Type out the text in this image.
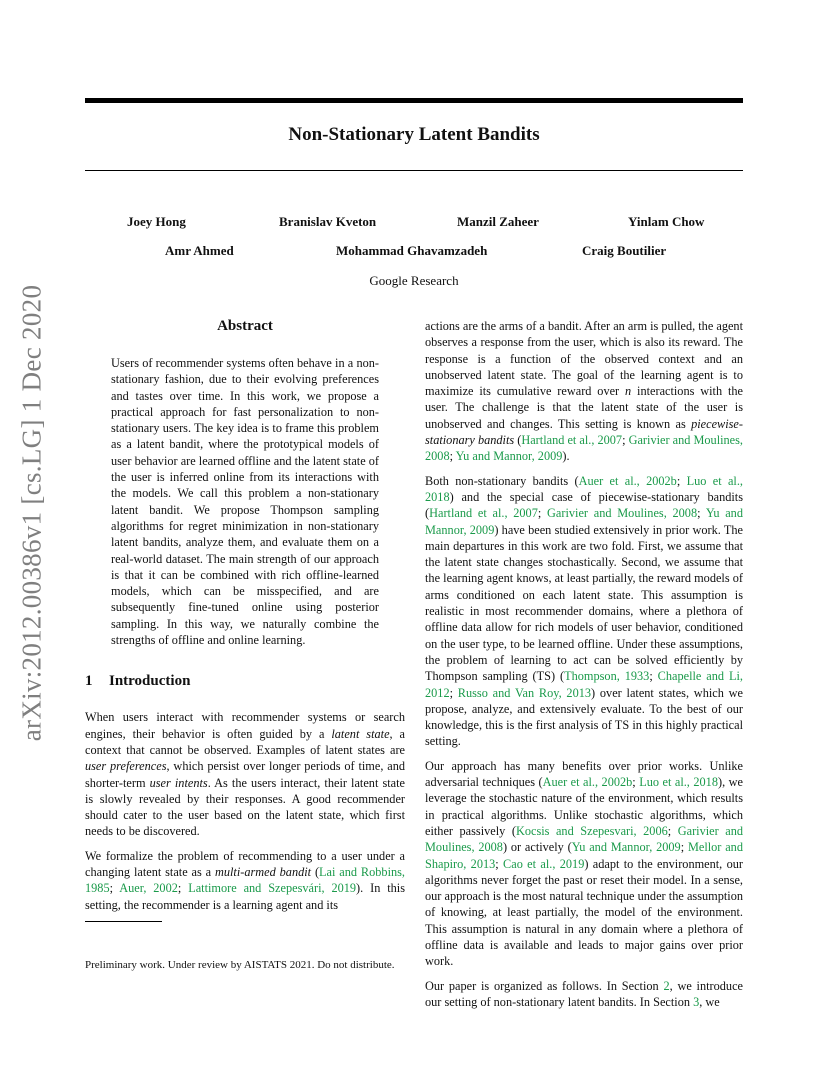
arXiv:2012.00386v1 [cs.LG] 1 Dec 2020
Non-Stationary Latent Bandits
Joey Hong	Branislav Kveton	Manzil Zaheer	Yinlam Chow
Amr Ahmed	Mohammad Ghavamzadeh	Craig Boutilier
Google Research
Abstract

Users of recommender systems often behave in a non-stationary fashion, due to their evolving preferences and tastes over time. In this work, we propose a practical approach for fast personalization to non-stationary users. The key idea is to frame this problem as a latent bandit, where the prototypical models of user behavior are learned offline and the latent state of the user is inferred online from its interactions with the models. We call this problem a non-stationary latent bandit. We propose Thompson sampling algorithms for regret minimization in non-stationary latent bandits, analyze them, and evaluate them on a real-world dataset. The main strength of our approach is that it can be combined with rich offline-learned models, which can be misspecified, and are subsequently fine-tuned online using posterior sampling. In this way, we naturally combine the strengths of offline and online learning.

1 Introduction

When users interact with recommender systems or search engines, their behavior is often guided by a latent state, a context that cannot be observed. Examples of latent states are user preferences, which persist over longer periods of time, and shorter-term user intents. As the users interact, their latent state is slowly revealed by their responses. A good recommender should cater to the user based on the latent state, which first needs to be discovered.

We formalize the problem of recommending to a user under a changing latent state as a multi-armed bandit (Lai and Robbins, 1985; Auer, 2002; Lattimore and Szepesvári, 2019). In this setting, the recommender is a learning agent and its

Preliminary work. Under review by AISTATS 2021. Do not distribute.

actions are the arms of a bandit. After an arm is pulled, the agent observes a response from the user, which is also its reward. The response is a function of the observed context and an unobserved latent state. The goal of the learning agent is to maximize its cumulative reward over n interactions with the user. The challenge is that the latent state of the user is unobserved and changes. This setting is known as piecewise-stationary bandits (Hartland et al., 2007; Garivier and Moulines, 2008; Yu and Mannor, 2009).

Both non-stationary bandits (Auer et al., 2002b; Luo et al., 2018) and the special case of piecewise-stationary bandits (Hartland et al., 2007; Garivier and Moulines, 2008; Yu and Mannor, 2009) have been studied extensively in prior work. The main departures in this work are two fold. First, we assume that the latent state changes stochastically. Second, we assume that the learning agent knows, at least partially, the reward models of arms conditioned on each latent state. This assumption is realistic in most recommender domains, where a plethora of offline data allow for rich models of user behavior, conditioned on the user type, to be learned offline. Under these assumptions, the problem of learning to act can be solved efficiently by Thompson sampling (TS) (Thompson, 1933; Chapelle and Li, 2012; Russo and Van Roy, 2013) over latent states, which we propose, analyze, and extensively evaluate. To the best of our knowledge, this is the first analysis of TS in this highly practical setting.

Our approach has many benefits over prior works. Unlike adversarial techniques (Auer et al., 2002b; Luo et al., 2018), we leverage the stochastic nature of the environment, which results in practical algorithms. Unlike stochastic algorithms, which either passively (Kocsis and Szepesvari, 2006; Garivier and Moulines, 2008) or actively (Yu and Mannor, 2009; Mellor and Shapiro, 2013; Cao et al., 2019) adapt to the environment, our algorithms never forget the past or reset their model. In a sense, our approach is the most natural technique under the assumption of knowing, at least partially, the model of the environment. This assumption is natural in any domain where a plethora of offline data is available and leads to major gains over prior work.

Our paper is organized as follows. In Section 2, we introduce our setting of non-stationary latent bandits. In Section 3, we
